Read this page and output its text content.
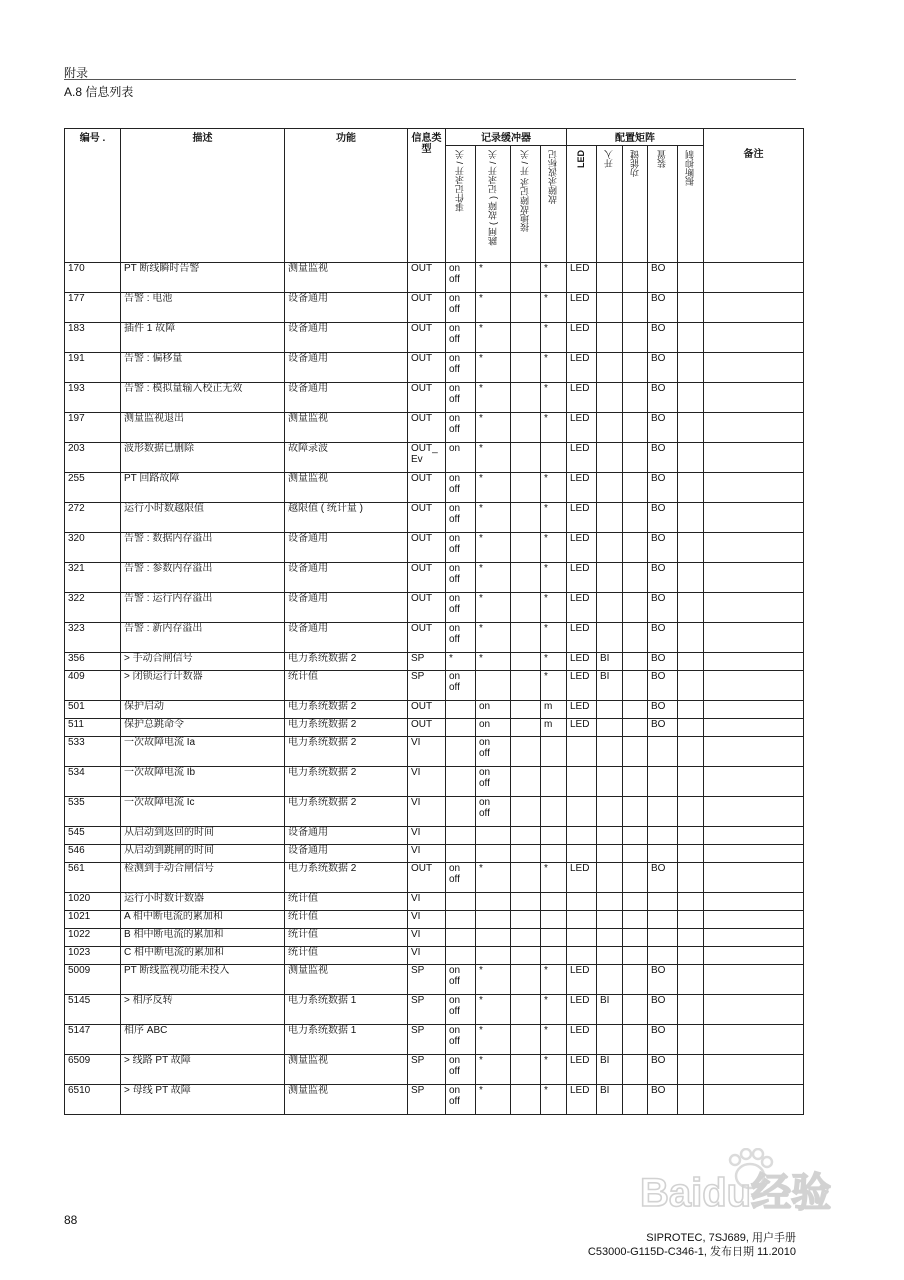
附录
A.8 信息列表
编号 .	描述	功能	信息类型	记录缓冲器				配置矩阵					备注
				事件记录开 / 关	跳闸 ( 故障 ) 记录开 / 关	接地故障记录 开 / 关	故障录波标记	LED	开入	功能键	装置	振断抑制	
170	PT 断线瞬时告警	测量监视	OUT	on
off	*		*	LED			BO		
177	告警 : 电池	设备通用	OUT	on
off	*		*	LED			BO		
183	插件 1 故障	设备通用	OUT	on
off	*		*	LED			BO		
191	告警 : 偏移量	设备通用	OUT	on
off	*		*	LED			BO		
193	告警 : 模拟量输入校正无效	设备通用	OUT	on
off	*		*	LED			BO		
197	测量监视退出	测量监视	OUT	on
off	*		*	LED			BO		
203	波形数据已删除	故障录波	OUT_
Ev	on	*			LED			BO		
255	PT 回路故障	测量监视	OUT	on
off	*		*	LED			BO		
272	运行小时数越限值	越限值 ( 统计量 )	OUT	on
off	*		*	LED			BO		
320	告警 : 数据内存溢出	设备通用	OUT	on
off	*		*	LED			BO		
321	告警 : 参数内存溢出	设备通用	OUT	on
off	*		*	LED			BO		
322	告警 : 运行内存溢出	设备通用	OUT	on
off	*		*	LED			BO		
323	告警 : 新内存溢出	设备通用	OUT	on
off	*		*	LED			BO		
356	> 手动合闸信号	电力系统数据 2	SP	*	*		*	LED	BI		BO		
409	> 闭锁运行计数器	统计值	SP	on
off			*	LED	BI		BO		
501	保护启动	电力系统数据 2	OUT		on		m	LED			BO		
511	保护总跳命令	电力系统数据 2	OUT		on		m	LED			BO		
533	一次故障电流 Ia	电力系统数据 2	VI		on
off								
534	一次故障电流 Ib	电力系统数据 2	VI		on
off								
535	一次故障电流 Ic	电力系统数据 2	VI		on
off								
545	从启动到返回的时间	设备通用	VI										
546	从启动到跳闸的时间	设备通用	VI										
561	检测到手动合闸信号	电力系统数据 2	OUT	on
off	*		*	LED			BO		
1020	运行小时数计数器	统计值	VI										
1021	A 相中断电流的累加和	统计值	VI										
1022	B 相中断电流的累加和	统计值	VI										
1023	C 相中断电流的累加和	统计值	VI										
5009	PT 断线监视功能未投入	测量监视	SP	on
off	*		*	LED			BO		
5145	> 相序反转	电力系统数据 1	SP	on
off	*		*	LED	BI		BO		
5147	相序 ABC	电力系统数据 1	SP	on
off	*		*	LED			BO		
6509	> 线路 PT 故障	测量监视	SP	on
off	*		*	LED	BI		BO		
6510	> 母线 PT 故障	测量监视	SP	on
off	*		*	LED	BI		BO		
88
SIPROTEC, 7SJ689, 用户手册
C53000-G115D-C346-1, 发布日期 11.2010
Baidu经验
